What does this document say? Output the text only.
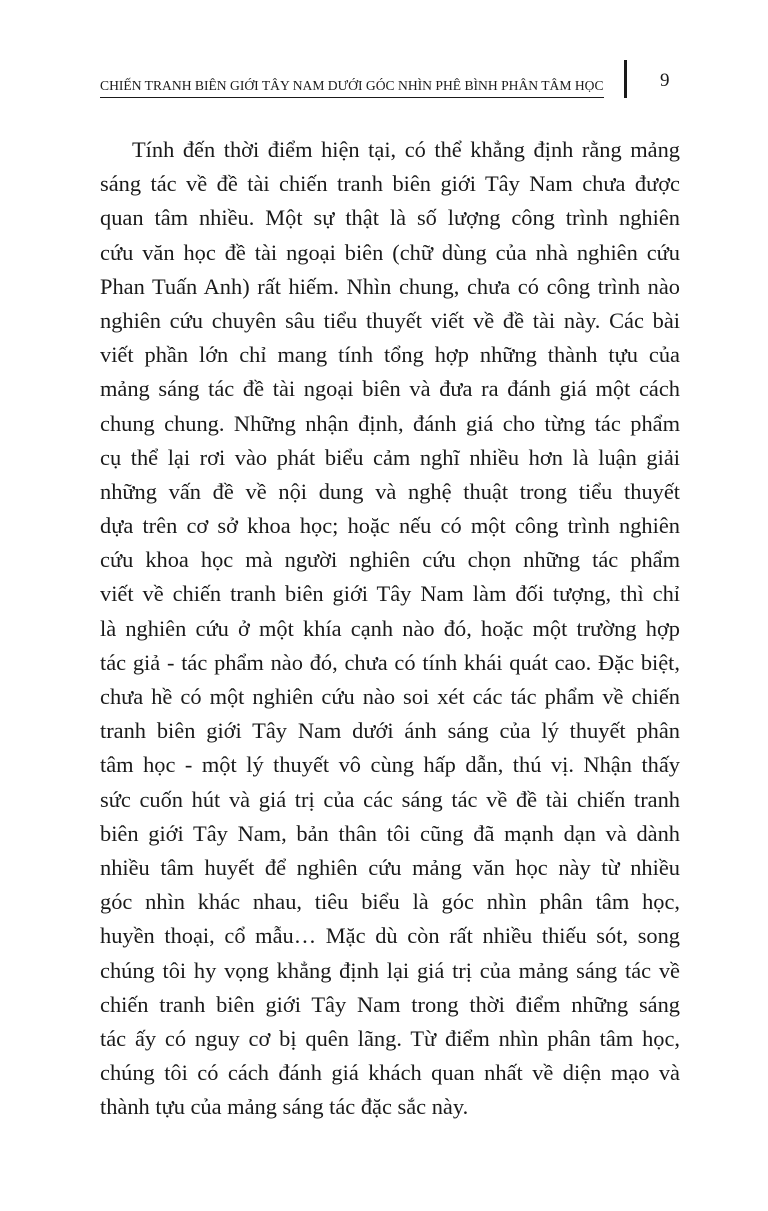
CHIẾN TRANH BIÊN GIỚI TÂY NAM DƯỚI GÓC NHÌN PHÊ BÌNH PHÂN TÂM HỌC	9
Tính đến thời điểm hiện tại, có thể khẳng định rằng mảng
sáng tác về đề tài chiến tranh biên giới Tây Nam chưa được
quan tâm nhiều. Một sự thật là số lượng công trình nghiên
cứu văn học đề tài ngoại biên (chữ dùng của nhà nghiên cứu
Phan Tuấn Anh) rất hiếm. Nhìn chung, chưa có công trình nào
nghiên cứu chuyên sâu tiểu thuyết viết về đề tài này. Các bài
viết phần lớn chỉ mang tính tổng hợp những thành tựu của
mảng sáng tác đề tài ngoại biên và đưa ra đánh giá một cách
chung chung. Những nhận định, đánh giá cho từng tác phẩm
cụ thể lại rơi vào phát biểu cảm nghĩ nhiều hơn là luận giải
những vấn đề về nội dung và nghệ thuật trong tiểu thuyết
dựa trên cơ sở khoa học; hoặc nếu có một công trình nghiên
cứu khoa học mà người nghiên cứu chọn những tác phẩm
viết về chiến tranh biên giới Tây Nam làm đối tượng, thì chỉ
là nghiên cứu ở một khía cạnh nào đó, hoặc một trường hợp
tác giả - tác phẩm nào đó, chưa có tính khái quát cao. Đặc biệt,
chưa hề có một nghiên cứu nào soi xét các tác phẩm về chiến
tranh biên giới Tây Nam dưới ánh sáng của lý thuyết phân
tâm học - một lý thuyết vô cùng hấp dẫn, thú vị. Nhận thấy
sức cuốn hút và giá trị của các sáng tác về đề tài chiến tranh
biên giới Tây Nam, bản thân tôi cũng đã mạnh dạn và dành
nhiều tâm huyết để nghiên cứu mảng văn học này từ nhiều
góc nhìn khác nhau, tiêu biểu là góc nhìn phân tâm học,
huyền thoại, cổ mẫu… Mặc dù còn rất nhiều thiếu sót, song
chúng tôi hy vọng khẳng định lại giá trị của mảng sáng tác về
chiến tranh biên giới Tây Nam trong thời điểm những sáng
tác ấy có nguy cơ bị quên lãng. Từ điểm nhìn phân tâm học,
chúng tôi có cách đánh giá khách quan nhất về diện mạo và
thành tựu của mảng sáng tác đặc sắc này.
